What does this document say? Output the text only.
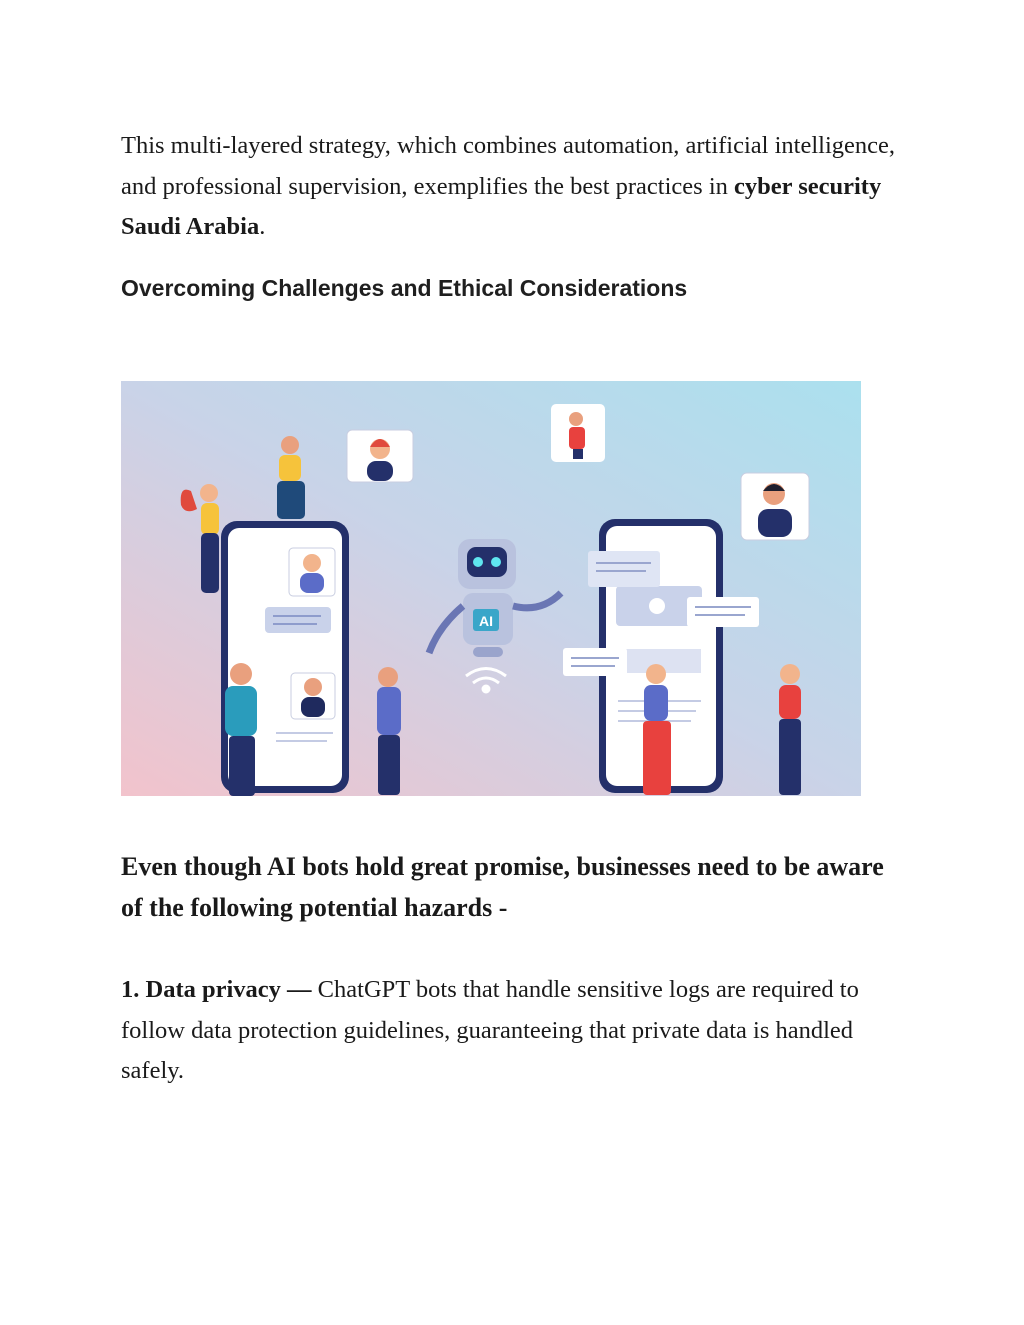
This multi-layered strategy, which combines automation, artificial intelligence, and professional supervision, exemplifies the best practices in cyber security Saudi Arabia.

Overcoming Challenges and Ethical Considerations
AI
Even though AI bots hold great promise, businesses need to be aware of the following potential hazards -

1. Data privacy — ChatGPT bots that handle sensitive logs are required to follow data protection guidelines, guaranteeing that private data is handled safely.
